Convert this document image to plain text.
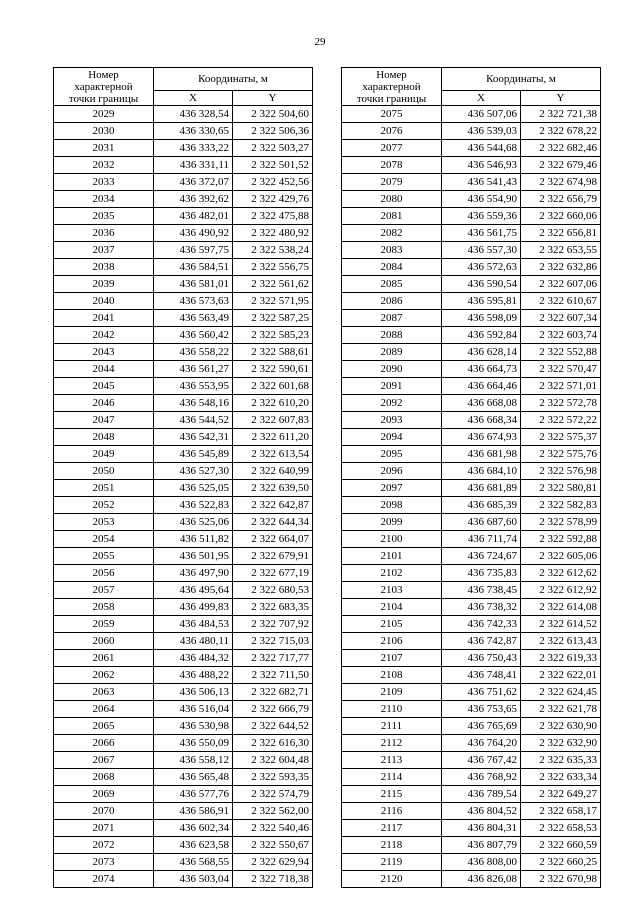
29
Номер
характерной
точки границы	Координаты, м	
	X	Y
2029	436 328,54	2 322 504,60
2030	436 330,65	2 322 506,36
2031	436 333,22	2 322 503,27
2032	436 331,11	2 322 501,52
2033	436 372,07	2 322 452,56
2034	436 392,62	2 322 429,76
2035	436 482,01	2 322 475,88
2036	436 490,92	2 322 480,92
2037	436 597,75	2 322 538,24
2038	436 584,51	2 322 556,75
2039	436 581,01	2 322 561,62
2040	436 573,63	2 322 571,95
2041	436 563,49	2 322 587,25
2042	436 560,42	2 322 585,23
2043	436 558,22	2 322 588,61
2044	436 561,27	2 322 590,61
2045	436 553,95	2 322 601,68
2046	436 548,16	2 322 610,20
2047	436 544,52	2 322 607,83
2048	436 542,31	2 322 611,20
2049	436 545,89	2 322 613,54
2050	436 527,30	2 322 640,99
2051	436 525,05	2 322 639,50
2052	436 522,83	2 322 642,87
2053	436 525,06	2 322 644,34
2054	436 511,82	2 322 664,07
2055	436 501,95	2 322 679,91
2056	436 497,90	2 322 677,19
2057	436 495,64	2 322 680,53
2058	436 499,83	2 322 683,35
2059	436 484,53	2 322 707,92
2060	436 480,11	2 322 715,03
2061	436 484,32	2 322 717,77
2062	436 488,22	2 322 711,50
2063	436 506,13	2 322 682,71
2064	436 516,04	2 322 666,79
2065	436 530,98	2 322 644,52
2066	436 550,09	2 322 616,30
2067	436 558,12	2 322 604,48
2068	436 565,48	2 322 593,35
2069	436 577,76	2 322 574,79
2070	436 586,91	2 322 562,00
2071	436 602,34	2 322 540,46
2072	436 623,58	2 322 550,67
2073	436 568,55	2 322 629,94
2074	436 503,04	2 322 718,38
Номер
характерной
точки границы	Координаты, м	
	X	Y
2075	436 507,06	2 322 721,38
2076	436 539,03	2 322 678,22
2077	436 544,68	2 322 682,46
2078	436 546,93	2 322 679,46
2079	436 541,43	2 322 674,98
2080	436 554,90	2 322 656,79
2081	436 559,36	2 322 660,06
2082	436 561,75	2 322 656,81
2083	436 557,30	2 322 653,55
2084	436 572,63	2 322 632,86
2085	436 590,54	2 322 607,06
2086	436 595,81	2 322 610,67
2087	436 598,09	2 322 607,34
2088	436 592,84	2 322 603,74
2089	436 628,14	2 322 552,88
2090	436 664,73	2 322 570,47
2091	436 664,46	2 322 571,01
2092	436 668,08	2 322 572,78
2093	436 668,34	2 322 572,22
2094	436 674,93	2 322 575,37
2095	436 681,98	2 322 575,76
2096	436 684,10	2 322 576,98
2097	436 681,89	2 322 580,81
2098	436 685,39	2 322 582,83
2099	436 687,60	2 322 578,99
2100	436 711,74	2 322 592,88
2101	436 724,67	2 322 605,06
2102	436 735,83	2 322 612,62
2103	436 738,45	2 322 612,92
2104	436 738,32	2 322 614,08
2105	436 742,33	2 322 614,52
2106	436 742,87	2 322 613,43
2107	436 750,43	2 322 619,33
2108	436 748,41	2 322 622,01
2109	436 751,62	2 322 624,45
2110	436 753,65	2 322 621,78
2111	436 765,69	2 322 630,90
2112	436 764,20	2 322 632,90
2113	436 767,42	2 322 635,33
2114	436 768,92	2 322 633,34
2115	436 789,54	2 322 649,27
2116	436 804,52	2 322 658,17
2117	436 804,31	2 322 658,53
2118	436 807,79	2 322 660,59
2119	436 808,00	2 322 660,25
2120	436 826,08	2 322 670,98
